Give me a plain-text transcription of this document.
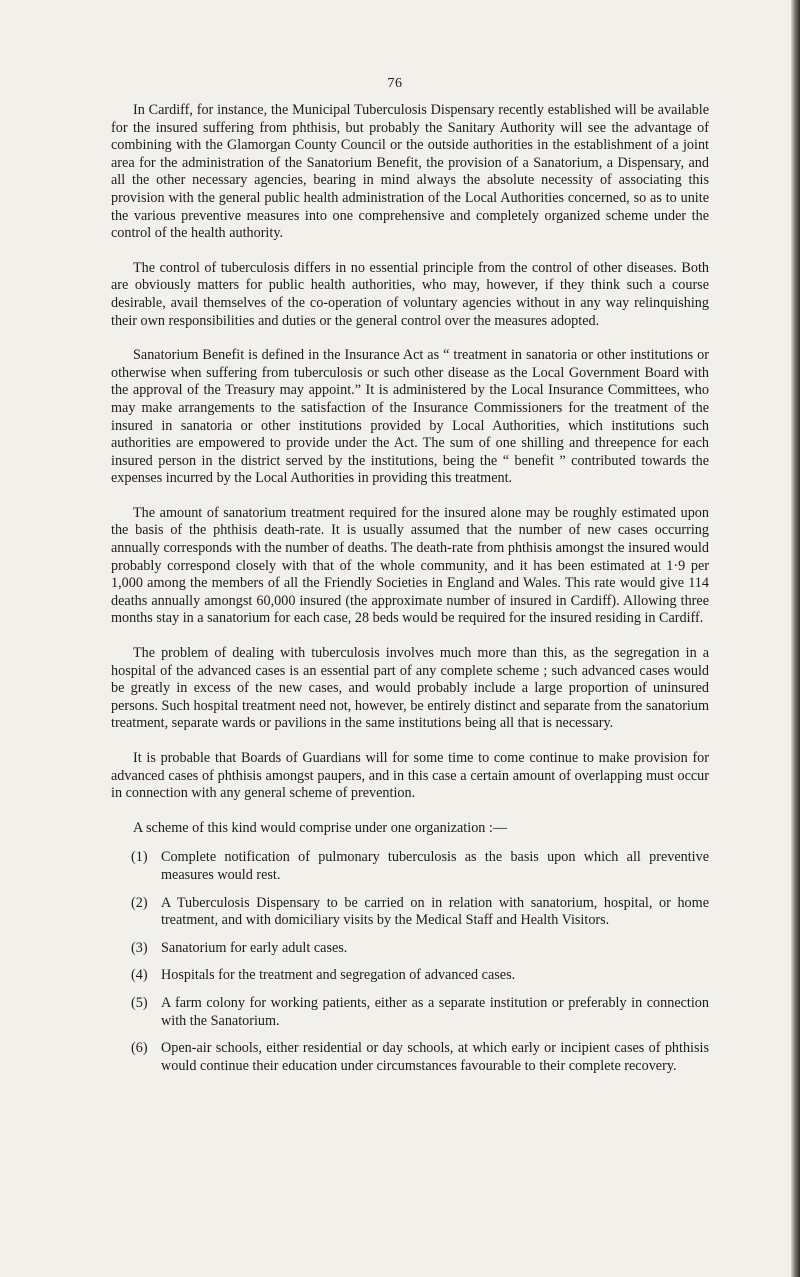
76

In Cardiff, for instance, the Municipal Tuberculosis Dispensary recently established will be available for the insured suffering from phthisis, but probably the Sanitary Authority will see the advantage of combining with the Glamorgan County Council or the outside authorities in the establishment of a joint area for the administration of the Sanatorium Benefit, the provision of a Sanatorium, a Dispensary, and all the other necessary agencies, bearing in mind always the absolute necessity of associating this provision with the general public health administration of the Local Authorities concerned, so as to unite the various preventive measures into one comprehensive and completely organized scheme under the control of the health authority.

The control of tuberculosis differs in no essential principle from the control of other diseases. Both are obviously matters for public health authorities, who may, however, if they think such a course desirable, avail themselves of the co-operation of voluntary agencies without in any way relinquishing their own responsibilities and duties or the general control over the measures adopted.

Sanatorium Benefit is defined in the Insurance Act as “ treatment in sanatoria or other institutions or otherwise when suffering from tuberculosis or such other disease as the Local Government Board with the approval of the Treasury may appoint.” It is administered by the Local Insurance Committees, who may make arrangements to the satisfaction of the Insurance Commissioners for the treatment of the insured in sanatoria or other institutions provided by Local Authorities, which institutions such authorities are empowered to provide under the Act. The sum of one shilling and threepence for each insured person in the district served by the institutions, being the “ benefit ” contributed towards the expenses incurred by the Local Authorities in providing this treatment.

The amount of sanatorium treatment required for the insured alone may be roughly estimated upon the basis of the phthisis death-rate. It is usually assumed that the number of new cases occurring annually corresponds with the number of deaths. The death-rate from phthisis amongst the insured would probably correspond closely with that of the whole community, and it has been estimated at 1·9 per 1,000 among the members of all the Friendly Societies in England and Wales. This rate would give 114 deaths annually amongst 60,000 insured (the approximate number of insured in Cardiff). Allowing three months stay in a sanatorium for each case, 28 beds would be required for the insured residing in Cardiff.

The problem of dealing with tuberculosis involves much more than this, as the segregation in a hospital of the advanced cases is an essential part of any complete scheme ; such advanced cases would be greatly in excess of the new cases, and would probably include a large proportion of uninsured persons. Such hospital treatment need not, however, be entirely distinct and separate from the sanatorium treatment, separate wards or pavilions in the same institutions being all that is necessary.

It is probable that Boards of Guardians will for some time to come continue to make provision for advanced cases of phthisis amongst paupers, and in this case a certain amount of overlapping must occur in connection with any general scheme of prevention.

A scheme of this kind would comprise under one organization :—

(1) Complete notification of pulmonary tuberculosis as the basis upon which all preventive measures would rest.
(2) A Tuberculosis Dispensary to be carried on in relation with sanatorium, hospital, or home treatment, and with domiciliary visits by the Medical Staff and Health Visitors.
(3) Sanatorium for early adult cases.
(4) Hospitals for the treatment and segregation of advanced cases.
(5) A farm colony for working patients, either as a separate institution or preferably in connection with the Sanatorium.
(6) Open-air schools, either residential or day schools, at which early or incipient cases of phthisis would continue their education under circumstances favourable to their complete recovery.
